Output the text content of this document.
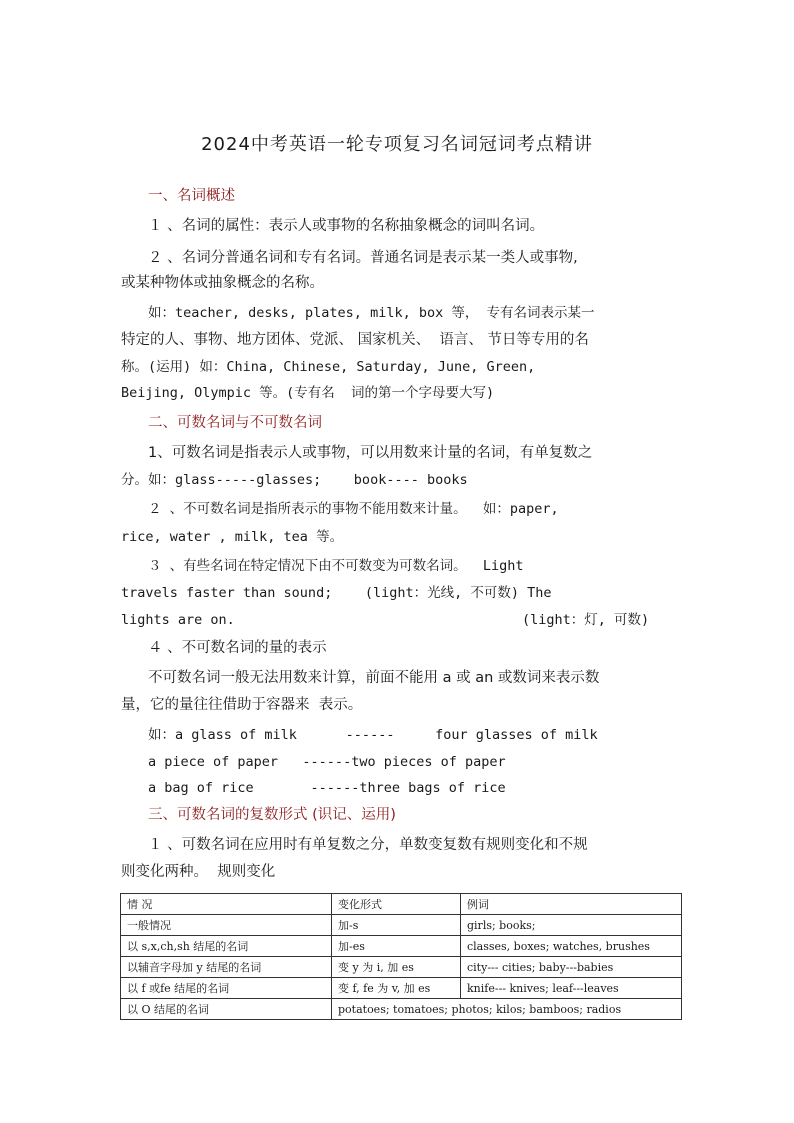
2024中考英语一轮专项复习名词冠词考点精讲
一、名词概述
１ 、名词的属性：表示人或事物的名称抽象概念的词叫名词。
２ 、名词分普通名词和专有名词。普通名词是表示某一类人或事物,
或某种物体或抽象概念的名称。
如：teacher, desks, plates, milk, box 等， 专有名词表示某一
特定的人、事物、地方团体、党派、 国家机关、  语言、 节日等专用的名
称。(运用) 如：China, Chinese, Saturday, June, Green,
Beijing, Olympic 等。(专有名  词的第一个字母要大写)
二、可数名词与不可数名词
1、可数名词是指表示人或事物，可以用数来计量的名词，有单复数之
分。如：glass-----glasses;    book---- books
２ 、不可数名词是指所表示的事物不能用数来计量。  如：paper,
rice, water , milk, tea 等。
３ 、有些名词在特定情况下由不可数变为可数名词。  Light
travels faster than sound;    (light：光线, 不可数) The
lights are on.	(light：灯, 可数)
４ 、不可数名词的量的表示
不可数名词一般无法用数来计算，前面不能用 a 或 an 或数词来表示数
量，它的量往往借助于容器来  表示。
如：a glass of milk      ------     four glasses of milk
a piece of paper   ------two pieces of paper
a bag of rice       ------three bags of rice
三、可数名词的复数形式 (识记、运用)
１ 、可数名词在应用时有单复数之分，单数变复数有规则变化和不规
则变化两种。  规则变化
情 况	变化形式	例词
一般情况	加-s	girls; books;
以 s,x,ch,sh 结尾的名词	加-es	classes, boxes; watches, brushes
以辅音字母加 y 结尾的名词	变 y 为 i, 加 es	city--- cities; baby---babies
以 f 或fe 结尾的名词	变 f, fe 为 v, 加 es	knife--- knives; leaf---leaves
以 O 结尾的名词	potatoes; tomatoes; photos; kilos; bamboos; radios	
